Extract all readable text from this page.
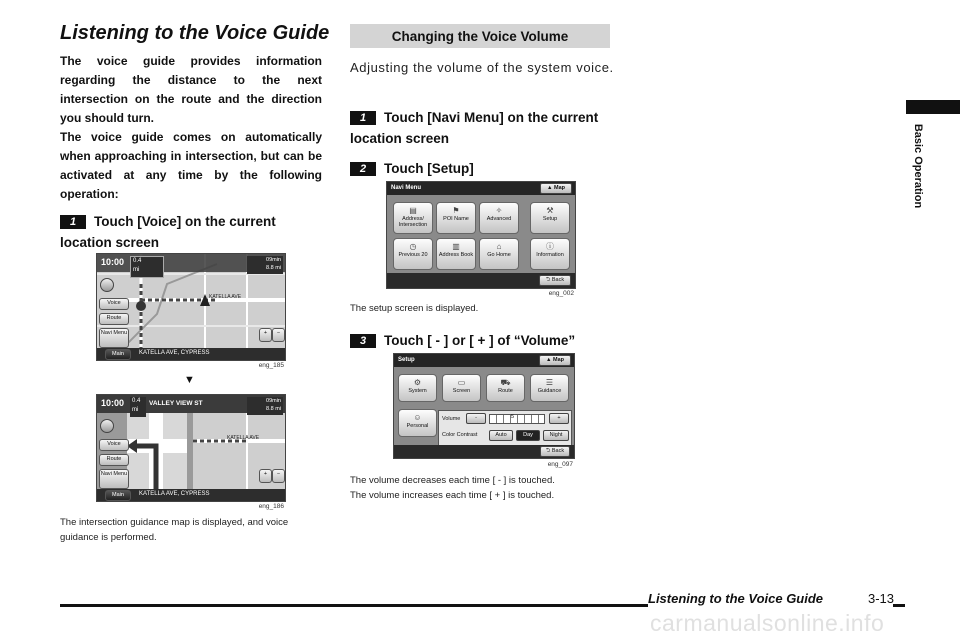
Listening to the Voice Guide

The voice guide provides information regarding the distance to the next intersection on the route and the direction you should turn.

The voice guide comes on automatically when approaching in intersection, but can be activated at any time by the following operation:

1 Touch [Voice] on the current location screen
10:00	0.4
mi
09min
8.8 mi
KATELLA AVE
Voice
Route
Navi Menu	+	−
Main	KATELLA AVE, CYPRESS
eng_185
▼
10:00	0.4
mi
VALLEY VIEW ST	09min
8.8 mi
KATELLA AVE
Voice
Route
Navi Menu	+	−
Main	KATELLA AVE, CYPRESS
eng_186
The intersection guidance map is displayed, and voice guidance is performed.
Changing the Voice Volume
Adjusting the volume of the system voice.
1 Touch [Navi Menu] on the current location screen
2 Touch [Setup]
Navi Menu	▲ Map
▤
Address/ Intersection
⚑
POI Name
✧
Advanced
⚒
Setup
◷
Previous 20
▥
Address Book
⌂
Go Home
ⓘ
Information
⮌ Back
eng_002
The setup screen is displayed.
3 Touch [ - ] or [ + ] of “Volume”
Setup	▲ Map
⚙
System
▭
Screen
⛟
Route
☰
Guidance
☺
Personal
Volume	-	5	+
Color Contrast	Auto	Day	Night
⮌ Back
eng_097
The volume decreases each time [ - ] is touched.
The volume increases each time [ + ] is touched.
Basic Operation
Listening to the Voice Guide	3-13
carmanualsonline.info
